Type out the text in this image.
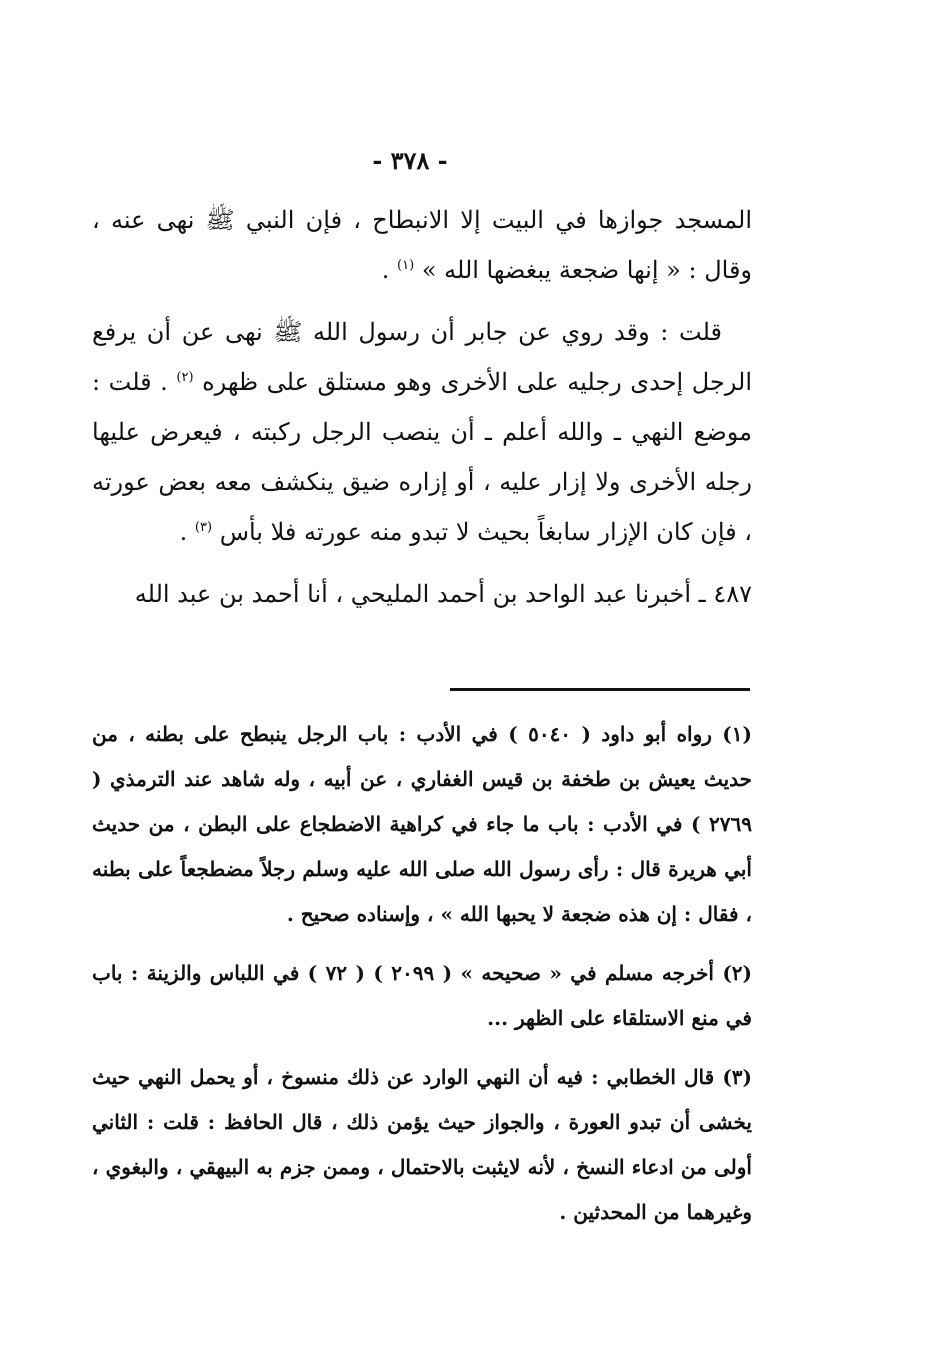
- ٣٧٨ -

المسجد جوازها في البيت إلا الانبطاح ، فإن النبي ﷺ نهى عنه ، وقال : « إنها ضجعة يبغضها الله » $^{(١)}$ .

قلت : وقد روي عن جابر أن رسول الله ﷺ نهى عن أن يرفع الرجل إحدى رجليه على الأخرى وهو مستلق على ظهره $^{(٢)}$ . قلت : موضع النهي ـ والله أعلم ـ أن ينصب الرجل ركبته ، فيعرض عليها رجله الأخرى ولا إزار عليه ، أو إزاره ضيق ينكشف معه بعض عورته ، فإن كان الإزار سابغاً بحيث لا تبدو منه عورته فلا بأس $^{(٣)}$ .

٤٨٧ ـ أخبرنا عبد الواحد بن أحمد المليحي ، أنا أحمد بن عبد الله

(١) رواه أبو داود ( ٥٠٤٠ ) في الأدب : باب الرجل ينبطح على بطنه ، من حديث يعيش بن طخفة بن قيس الغفاري ، عن أبيه ، وله شاهد عند الترمذي ( ٢٧٦٩ ) في الأدب : باب ما جاء في كراهية الاضطجاع على البطن ، من حديث أبي هريرة قال : رأى رسول الله صلى الله عليه وسلم رجلاً مضطجعاً على بطنه ، فقال : إن هذه ضجعة لا يحبها الله » ، وإسناده صحيح .

(٢) أخرجه مسلم في « صحيحه » ( ٢٠٩٩ ) ( ٧٢ ) في اللباس والزينة : باب في منع الاستلقاء على الظهر ...

(٣) قال الخطابي : فيه أن النهي الوارد عن ذلك منسوخ ، أو يحمل النهي حيث يخشى أن تبدو العورة ، والجواز حيث يؤمن ذلك ، قال الحافظ : قلت : الثاني أولى من ادعاء النسخ ، لأنه لايثبت بالاحتمال ، وممن جزم به البيهقي ، والبغوي ، وغيرهما من المحدثين .
